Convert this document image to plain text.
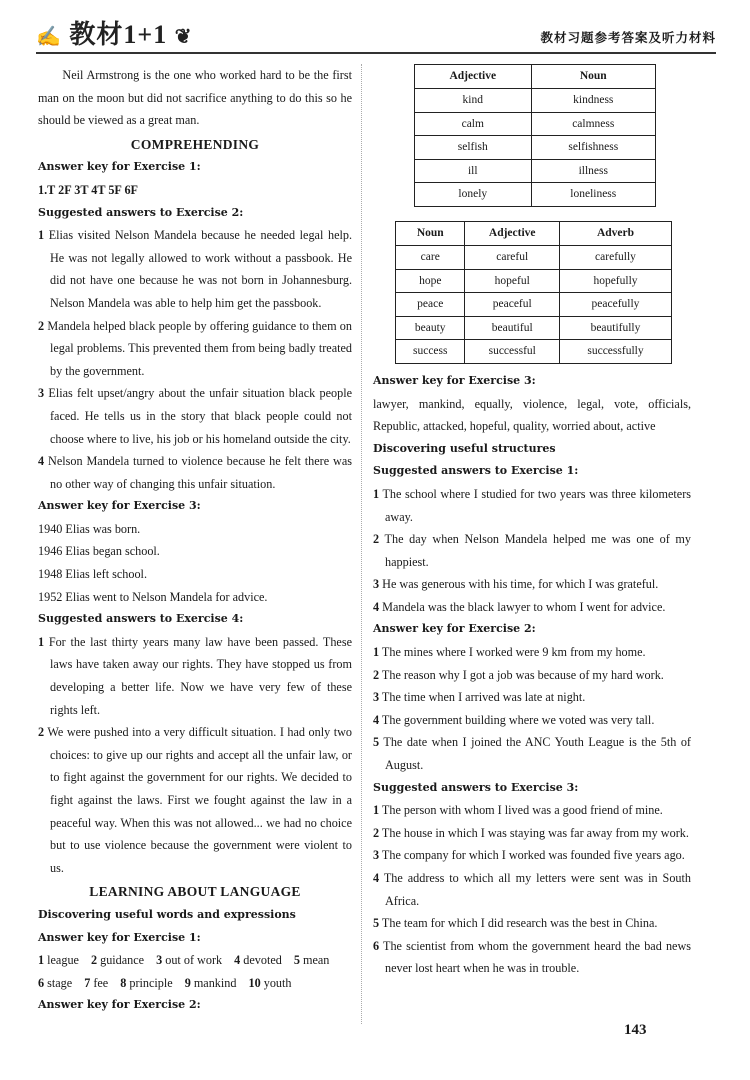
✍ 教材1+1 ❦	教材习题参考答案及听力材料
Neil Armstrong is the one who worked hard to be the first man on the moon but did not sacrifice anything to do this so he should be viewed as a great man.
COMPREHENDING
Answer key for Exercise 1:
1.T 2F 3T 4T 5F 6F
Suggested answers to Exercise 2:
1 Elias visited Nelson Mandela because he needed legal help. He was not legally allowed to work without a passbook. He did not have one because he was not born in Johannesburg. Nelson Mandela was able to help him get the passbook.
2 Mandela helped black people by offering guidance to them on legal problems. This prevented them from being badly treated by the government.
3 Elias felt upset/angry about the unfair situation black people faced. He tells us in the story that black people could not choose where to live, his job or his homeland outside the city.
4 Nelson Mandela turned to violence because he felt there was no other way of changing this unfair situation.
Answer key for Exercise 3:
1940 Elias was born.
1946 Elias began school.
1948 Elias left school.
1952 Elias went to Nelson Mandela for advice.
Suggested answers to Exercise 4:
1 For the last thirty years many law have been passed. These laws have taken away our rights. They have stopped us from developing a better life. Now we have very few of these rights left.
2 We were pushed into a very difficult situation. I had only two choices: to give up our rights and accept all the unfair law, or to fight against the government for our rights. We decided to fight against the laws. First we fought against the law in a peaceful way. When this was not allowed... we had no choice but to use violence because the government were violent to us.
LEARNING ABOUT LANGUAGE
Discovering useful words and expressions
Answer key for Exercise 1:
1 league 2 guidance 3 out of work 4 devoted 5 mean
6 stage 7 fee 8 principle 9 mankind 10 youth
Answer key for Exercise 2:
Adjective	Noun
kind	kindness
calm	calmness
selfish	selfishness
ill	illness
lonely	loneliness
Noun	Adjective	Adverb
care	careful	carefully
hope	hopeful	hopefully
peace	peaceful	peacefully
beauty	beautiful	beautifully
success	successful	successfully
Answer key for Exercise 3:
lawyer, mankind, equally, violence, legal, vote, officials, Republic, attacked, hopeful, quality, worried about, active
Discovering useful structures
Suggested answers to Exercise 1:
1 The school where I studied for two years was three kilometers away.
2 The day when Nelson Mandela helped me was one of my happiest.
3 He was generous with his time, for which I was grateful.
4 Mandela was the black lawyer to whom I went for advice.
Answer key for Exercise 2:
1 The mines where I worked were 9 km from my home.
2 The reason why I got a job was because of my hard work.
3 The time when I arrived was late at night.
4 The government building where we voted was very tall.
5 The date when I joined the ANC Youth League is the 5th of August.
Suggested answers to Exercise 3:
1 The person with whom I lived was a good friend of mine.
2 The house in which I was staying was far away from my work.
3 The company for which I worked was founded five years ago.
4 The address to which all my letters were sent was in South Africa.
5 The team for which I did research was the best in China.
6 The scientist from whom the government heard the bad news never lost heart when he was in trouble.
143
